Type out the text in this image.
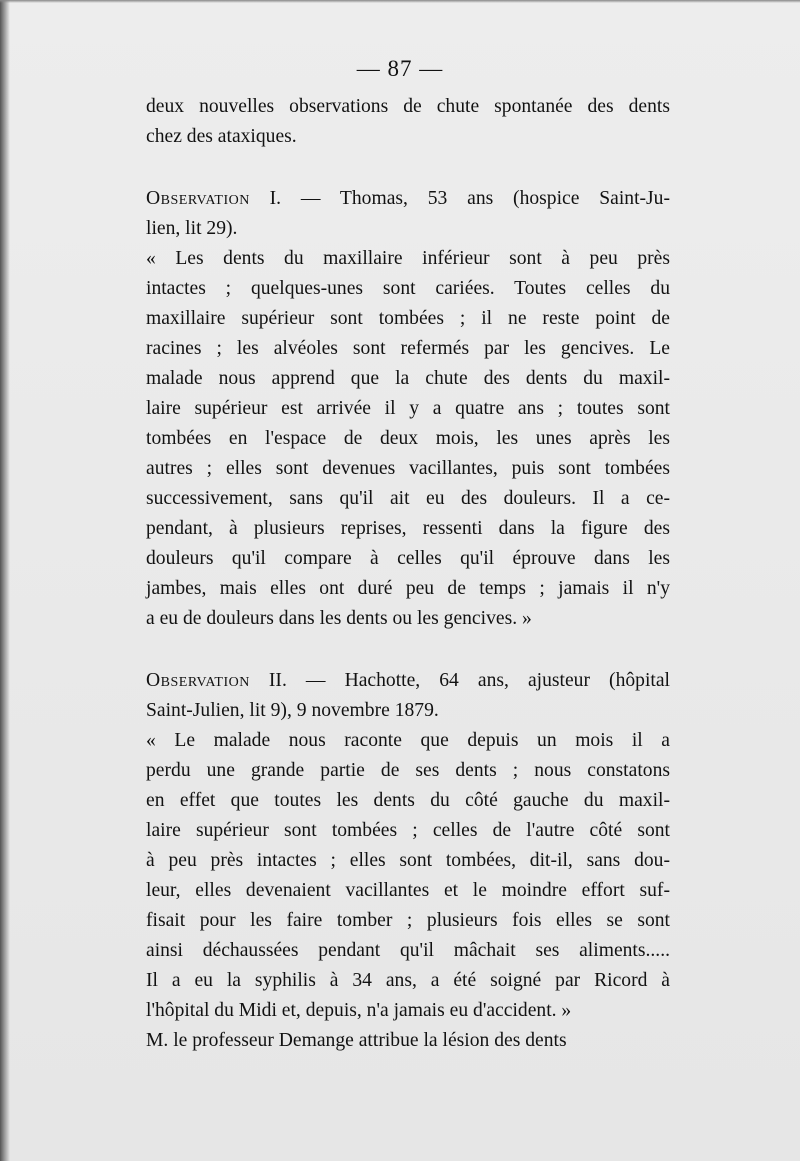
— 87 —
deux nouvelles observations de chute spontanée des dents
chez des ataxiques.
Observation I. — Thomas, 53 ans (hospice Saint-Ju-
lien, lit 29).
« Les dents du maxillaire inférieur sont à peu près
intactes ; quelques-unes sont cariées. Toutes celles du
maxillaire supérieur sont tombées ; il ne reste point de
racines ; les alvéoles sont refermés par les gencives. Le
malade nous apprend que la chute des dents du maxil-
laire supérieur est arrivée il y a quatre ans ; toutes sont
tombées en l'espace de deux mois, les unes après les
autres ; elles sont devenues vacillantes, puis sont tombées
successivement, sans qu'il ait eu des douleurs. Il a ce-
pendant, à plusieurs reprises, ressenti dans la figure des
douleurs qu'il compare à celles qu'il éprouve dans les
jambes, mais elles ont duré peu de temps ; jamais il n'y
a eu de douleurs dans les dents ou les gencives. »
Observation II. — Hachotte, 64 ans, ajusteur (hôpital
Saint-Julien, lit 9), 9 novembre 1879.
« Le malade nous raconte que depuis un mois il a
perdu une grande partie de ses dents ; nous constatons
en effet que toutes les dents du côté gauche du maxil-
laire supérieur sont tombées ; celles de l'autre côté sont
à peu près intactes ; elles sont tombées, dit-il, sans dou-
leur, elles devenaient vacillantes et le moindre effort suf-
fisait pour les faire tomber ; plusieurs fois elles se sont
ainsi déchaussées pendant qu'il mâchait ses aliments.....
Il a eu la syphilis à 34 ans, a été soigné par Ricord à
l'hôpital du Midi et, depuis, n'a jamais eu d'accident. »
M. le professeur Demange attribue la lésion des dents
